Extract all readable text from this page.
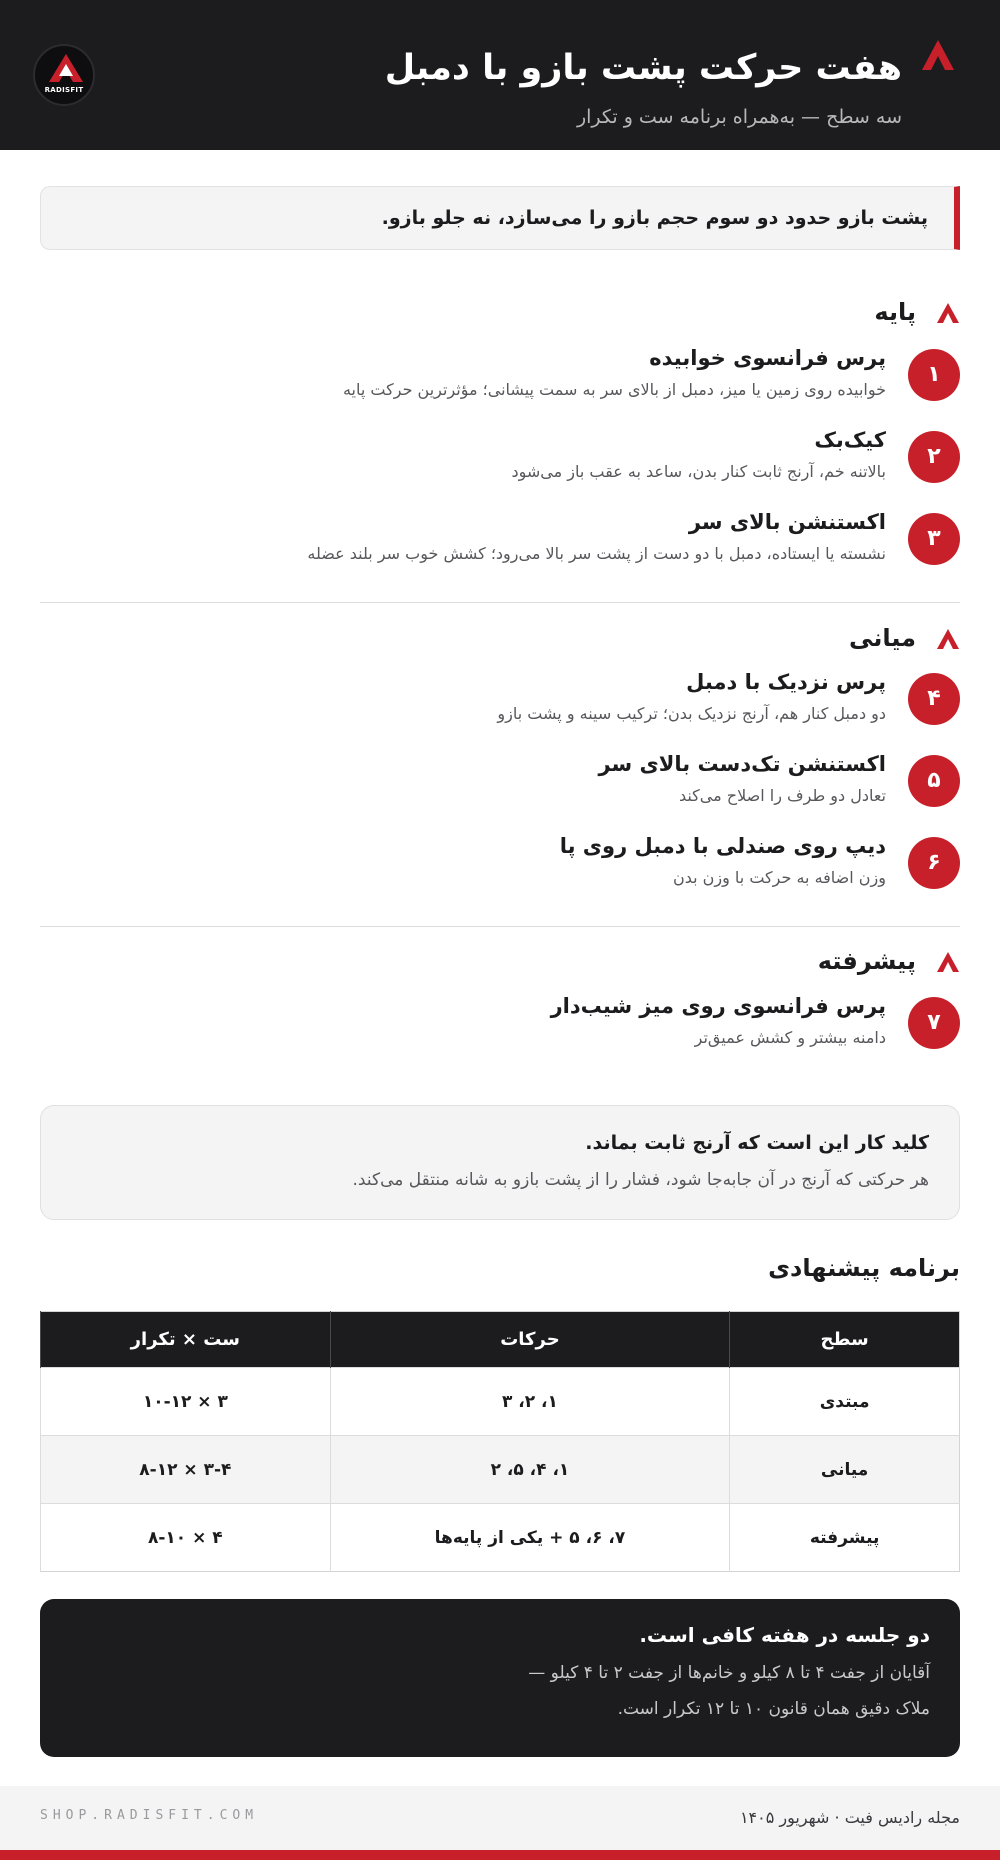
هفت حرکت پشت بازو با دمبل
سه سطح — به‌همراه برنامه ست و تکرار
RADISFIT
پشت بازو حدود دو سوم حجم بازو را می‌سازد، نه جلو بازو.
پایه
۱
پرس فرانسوی خوابیده
خوابیده روی زمین یا میز، دمبل از بالای سر به سمت پیشانی؛ مؤثرترین حرکت پایه
۲
کیک‌بک
بالاتنه خم، آرنج ثابت کنار بدن، ساعد به عقب باز می‌شود
۳
اکستنشن بالای سر
نشسته یا ایستاده، دمبل با دو دست از پشت سر بالا می‌رود؛ کشش خوب سر بلند عضله
میانی
۴
پرس نزدیک با دمبل
دو دمبل کنار هم، آرنج نزدیک بدن؛ ترکیب سینه و پشت بازو
۵
اکستنشن تک‌دست بالای سر
تعادل دو طرف را اصلاح می‌کند
۶
دیپ روی صندلی با دمبل روی پا
وزن اضافه به حرکت با وزن بدن
پیشرفته
۷
پرس فرانسوی روی میز شیب‌دار
دامنه بیشتر و کشش عمیق‌تر
کلید کار این است که آرنج ثابت بماند.
هر حرکتی که آرنج در آن جابه‌جا شود، فشار را از پشت بازو به شانه منتقل می‌کند.
برنامه پیشنهادی
سطح	حرکات	ست × تکرار
مبتدی	۱، ۲، ۳	۳ × ۱۰-۱۲
میانی	۱، ۴، ۵، ۲	۳-۴ × ۸-۱۲
پیشرفته	۷، ۶، ۵ + یکی از پایه‌ها	۴ × ۸-۱۰
دو جلسه در هفته کافی است.
آقایان از جفت ۴ تا ۸ کیلو و خانم‌ها از جفت ۲ تا ۴ کیلو —
ملاک دقیق همان قانون ۱۰ تا ۱۲ تکرار است.
مجله رادیس فیت · شهریور ۱۴۰۵
SHOP.RADISFIT.COM
